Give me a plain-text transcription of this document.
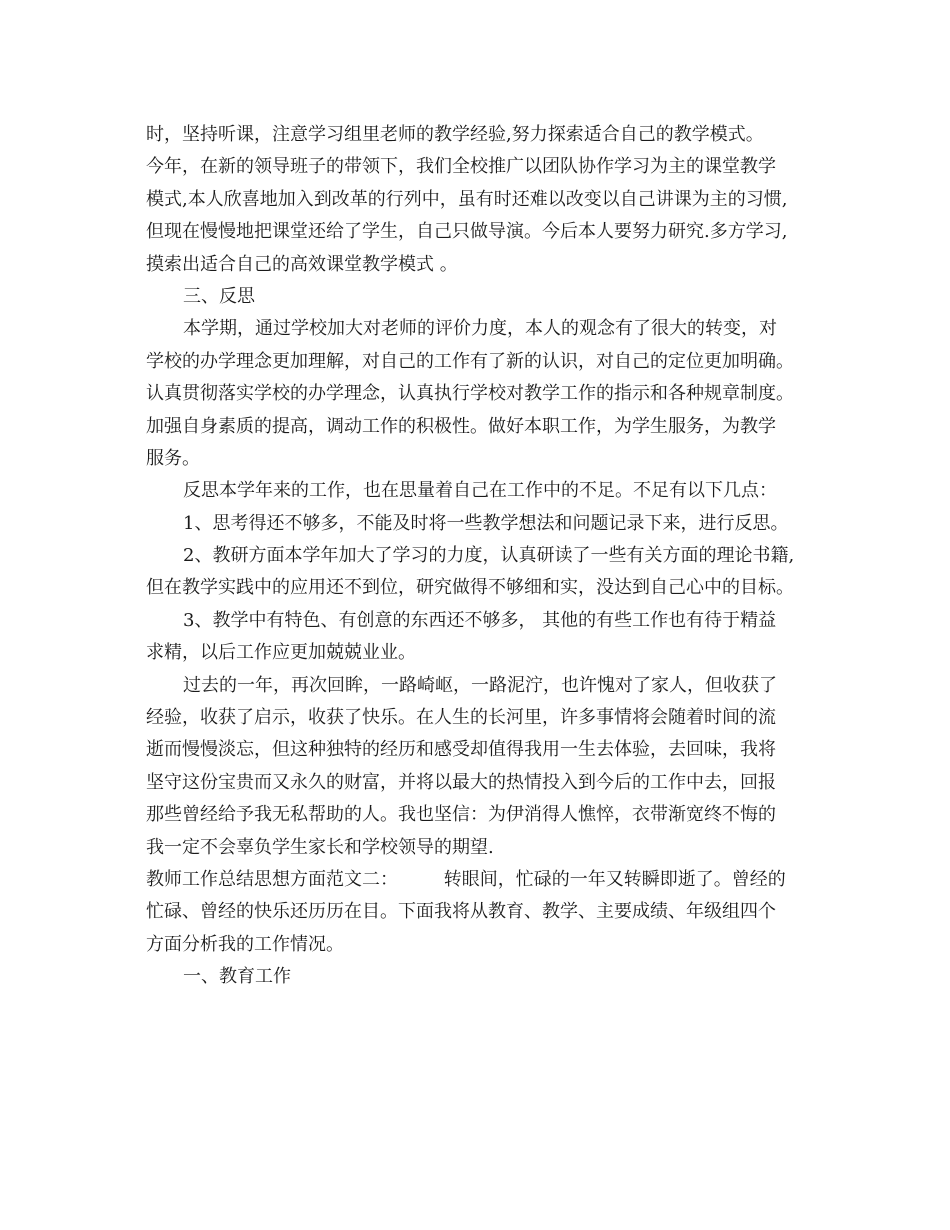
时，坚持听课，注意学习组里老师的教学经验,努力探索适合自己的教学模式。
今年，在新的领导班子的带领下，我们全校推广以团队协作学习为主的课堂教学
模式,本人欣喜地加入到改革的行列中，虽有时还难以改变以自己讲课为主的习惯,
但现在慢慢地把课堂还给了学生，自己只做导演。今后本人要努力研究.多方学习,
摸索出适合自己的高效课堂教学模式 。
三、反思
本学期，通过学校加大对老师的评价力度，本人的观念有了很大的转变，对
学校的办学理念更加理解，对自己的工作有了新的认识，对自己的定位更加明确。
认真贯彻落实学校的办学理念，认真执行学校对教学工作的指示和各种规章制度。
加强自身素质的提高，调动工作的积极性。做好本职工作，为学生服务，为教学
服务。
反思本学年来的工作，也在思量着自己在工作中的不足。不足有以下几点：
1、思考得还不够多，不能及时将一些教学想法和问题记录下来，进行反思。
2、教研方面本学年加大了学习的力度，认真研读了一些有关方面的理论书籍,
但在教学实践中的应用还不到位，研究做得不够细和实，没达到自己心中的目标。
3、教学中有特色、有创意的东西还不够多， 其他的有些工作也有待于精益
求精，以后工作应更加兢兢业业。
过去的一年，再次回眸，一路崎岖，一路泥泞，也许愧对了家人，但收获了
经验，收获了启示，收获了快乐。在人生的长河里，许多事情将会随着时间的流
逝而慢慢淡忘，但这种独特的经历和感受却值得我用一生去体验，去回味，我将
坚守这份宝贵而又永久的财富，并将以最大的热情投入到今后的工作中去，回报
那些曾经给予我无私帮助的人。我也坚信：为伊消得人憔悴，衣带渐宽终不悔的
我一定不会辜负学生家长和学校领导的期望.
教师工作总结思想方面范文二：        转眼间，忙碌的一年又转瞬即逝了。曾经的
忙碌、曾经的快乐还历历在目。下面我将从教育、教学、主要成绩、年级组四个
方面分析我的工作情况。
一、教育工作
